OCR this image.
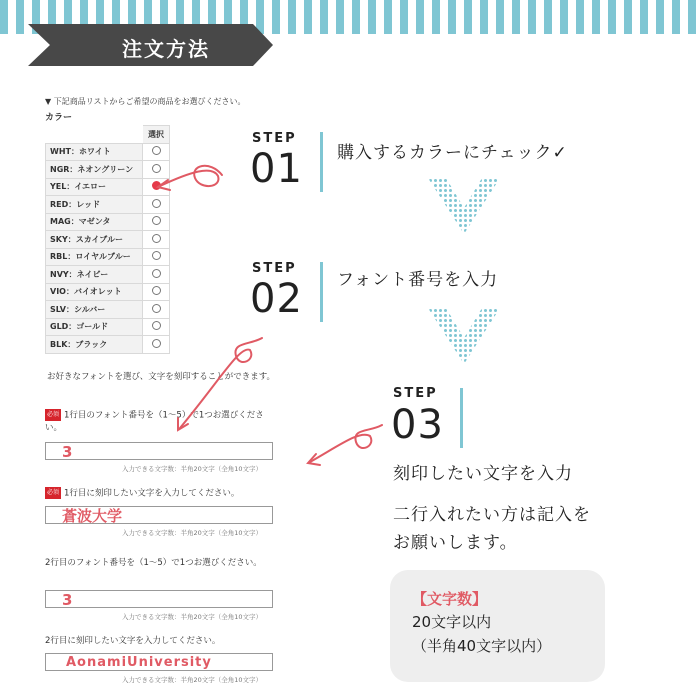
注文方法
▼ 下記商品リストからご希望の商品をお選びください。
カラー
	選択
WHT：ホワイト	
NGR：ネオングリーン	
YEL：イエロー	
RED：レッド	
MAG：マゼンタ	
SKY：スカイブルー	
RBL：ロイヤルブルー	
NVY：ネイビー	
VIO：バイオレット	
SLV：シルバー	
GLD：ゴールド	
BLK：ブラック	
お好きなフォントを選び、文字を刻印することができます。
必須 1行目のフォント番号を（1〜5）で1つお選びください。
3
入力できる文字数：半角20文字（全角10文字）
必須 1行目に刻印したい文字を入力してください。
蒼波大学
入力できる文字数：半角20文字（全角10文字）
2行目のフォント番号を（1〜5）で1つお選びください。
3
入力できる文字数：半角20文字（全角10文字）
2行目に刻印したい文字を入力してください。
AonamiUniversity
入力できる文字数：半角20文字（全角10文字）
STEP
01 購入するカラーにチェック✓
STEP
02 フォント番号を入力
STEP
03
刻印したい文字を入力
二行入れたい方は記入を
お願いします。
【文字数】
20文字以内
（半角40文字以内）
